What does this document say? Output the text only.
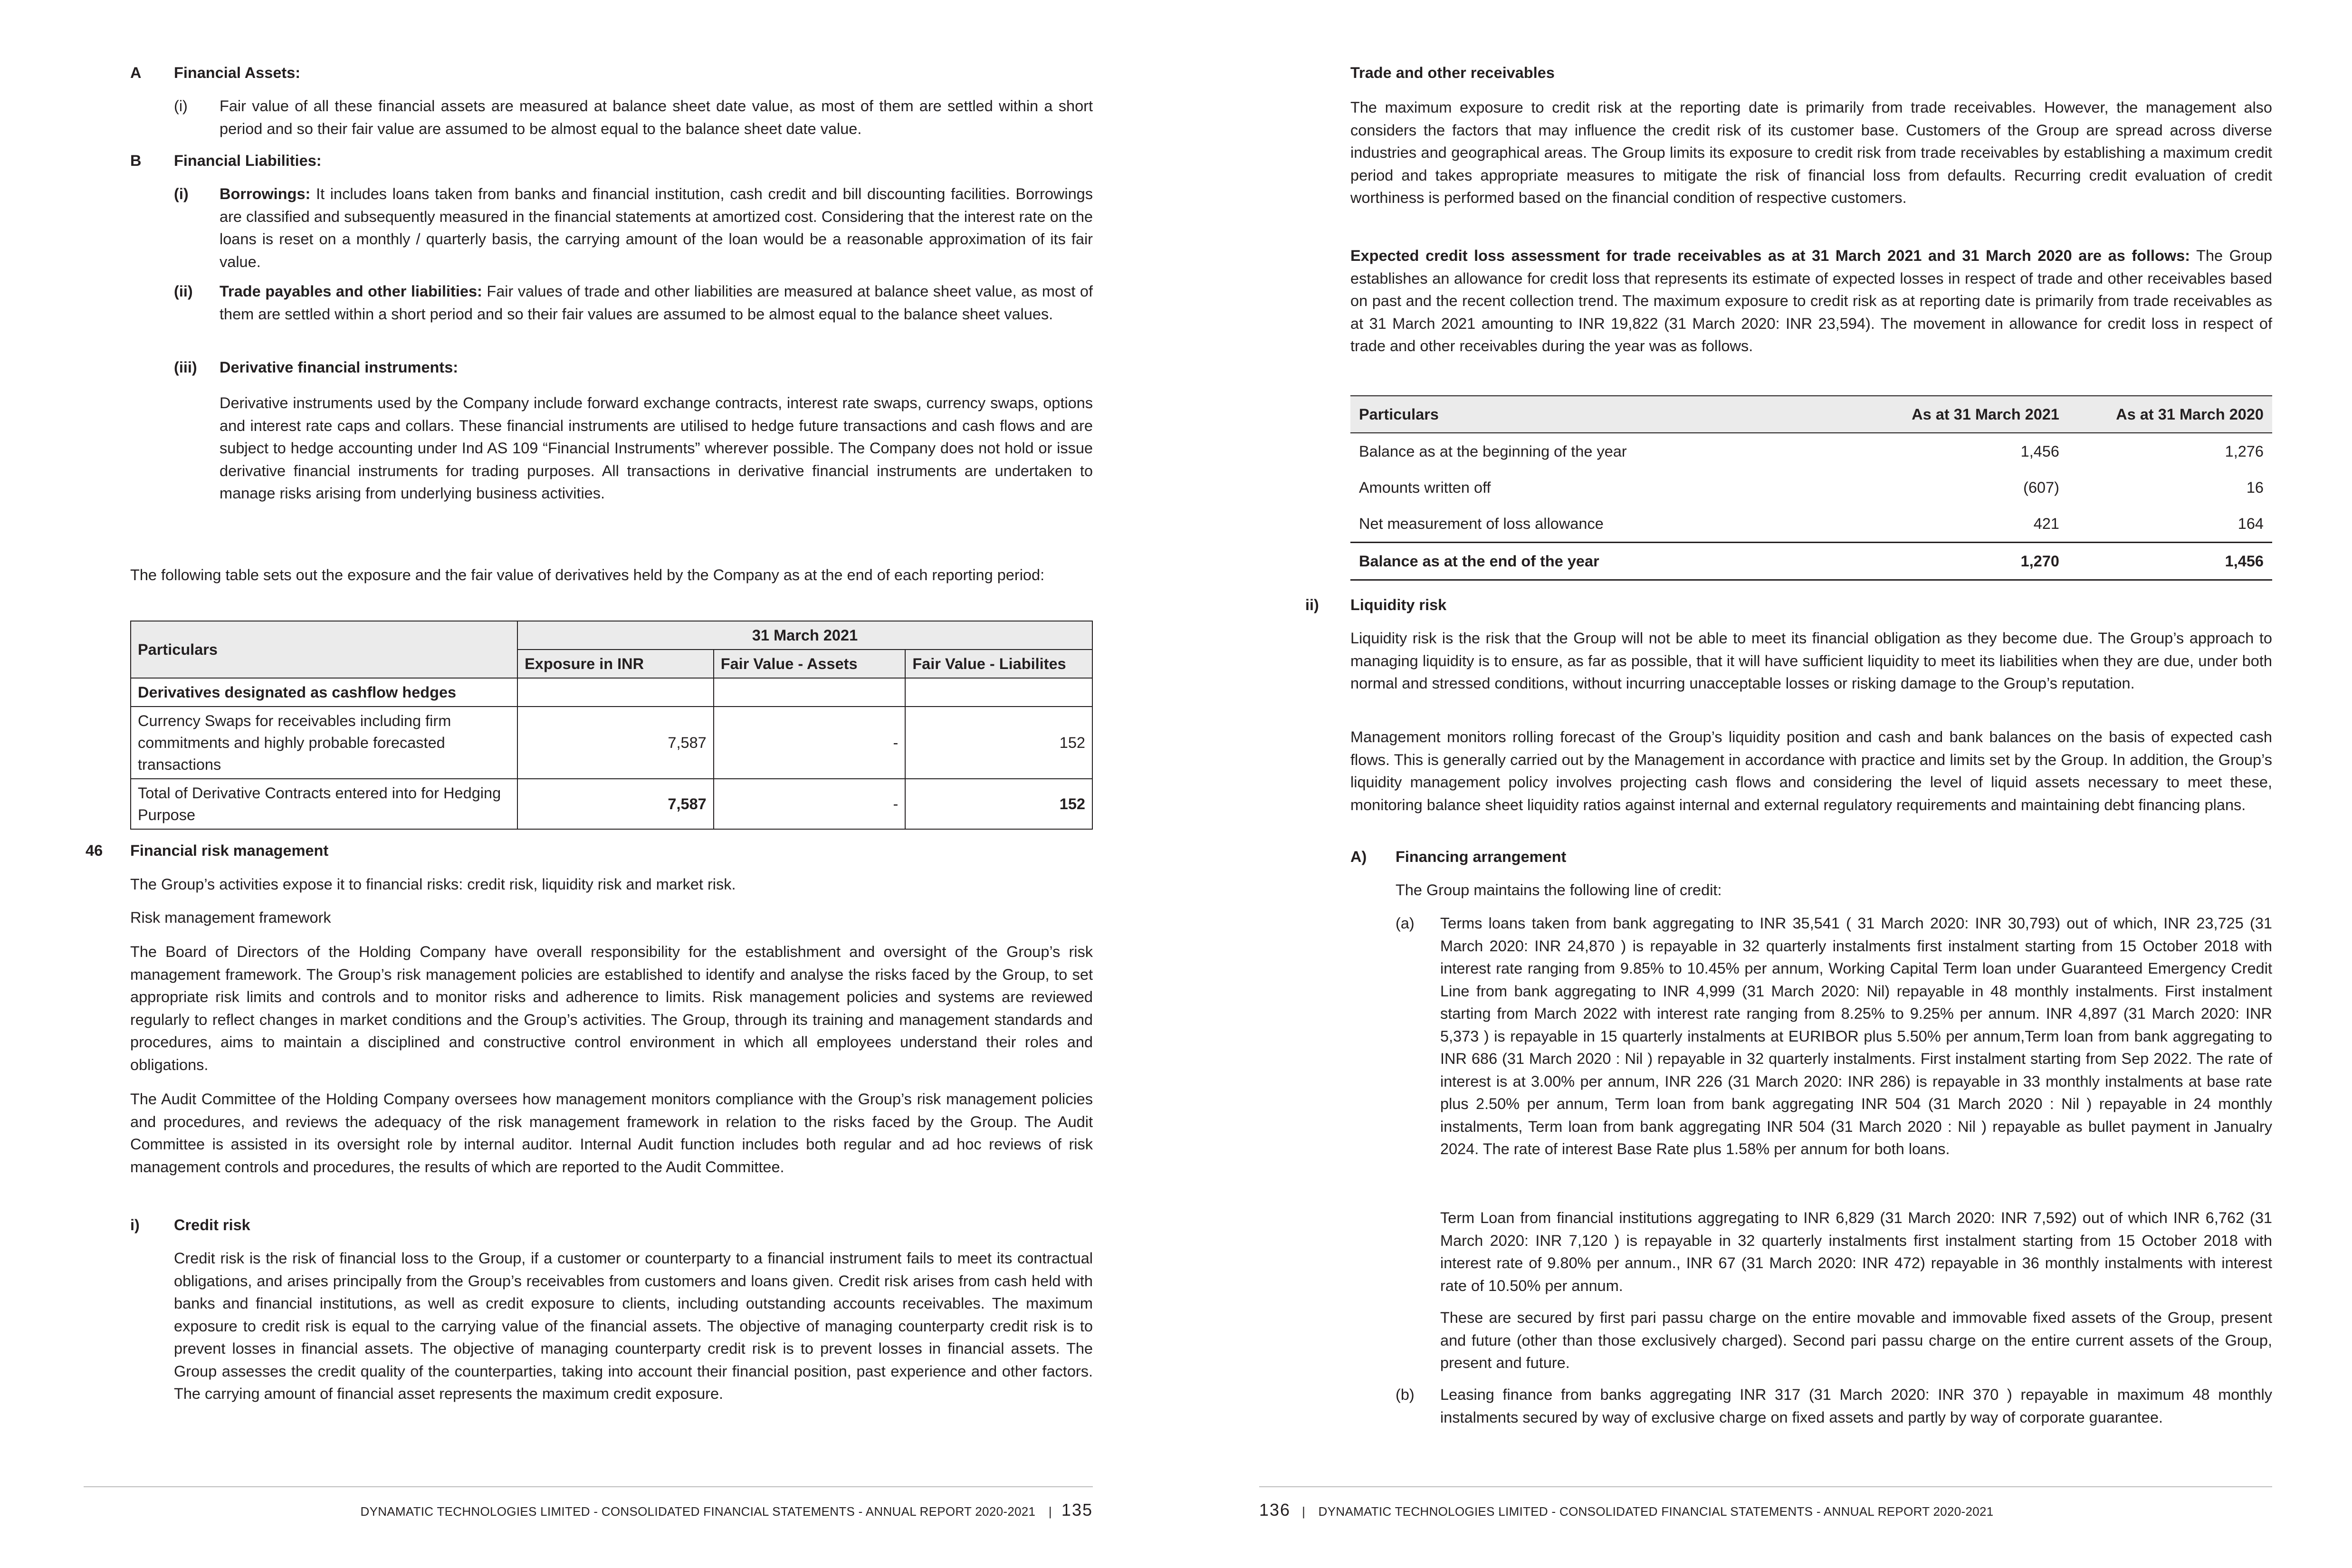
A Financial Assets:
(i) Fair value of all these financial assets are measured at balance sheet date value, as most of them are settled within a short period and so their fair value are assumed to be almost equal to the balance sheet date value.

B Financial Liabilities:
(i) Borrowings: It includes loans taken from banks and financial institution, cash credit and bill discounting facilities. Borrowings are classified and subsequently measured in the financial statements at amortized cost. Considering that the interest rate on the loans is reset on a monthly / quarterly basis, the carrying amount of the loan would be a reasonable approximation of its fair value.

(ii) Trade payables and other liabilities: Fair values of trade and other liabilities are measured at balance sheet value, as most of them are settled within a short period and so their fair values are assumed to be almost equal to the balance sheet values.

(iii) Derivative financial instruments:

Derivative instruments used by the Company include forward exchange contracts, interest rate swaps, currency swaps, options and interest rate caps and collars. These financial instruments are utilised to hedge future transactions and cash flows and are subject to hedge accounting under Ind AS 109 “Financial Instruments” wherever possible. The Company does not hold or issue derivative financial instruments for trading purposes. All transactions in derivative financial instruments are undertaken to manage risks arising from underlying business activities.

The following table sets out the exposure and the fair value of derivatives held by the Company as at the end of each reporting period:

Particulars	31 March 2021		
	Exposure in INR	Fair Value - Assets	Fair Value - Liabilites
Derivatives designated as cashflow hedges			
Currency Swaps for receivables including firm commitments and highly probable forecasted transactions	7,587	-	152
Total of Derivative Contracts entered into for Hedging Purpose	7,587	-	152
46 Financial risk management

The Group’s activities expose it to financial risks: credit risk, liquidity risk and market risk.

Risk management framework

The Board of Directors of the Holding Company have overall responsibility for the establishment and oversight of the Group’s risk management framework. The Group’s risk management policies are established to identify and analyse the risks faced by the Group, to set appropriate risk limits and controls and to monitor risks and adherence to limits. Risk management policies and systems are reviewed regularly to reflect changes in market conditions and the Group’s activities. The Group, through its training and management standards and procedures, aims to maintain a disciplined and constructive control environment in which all employees understand their roles and obligations.

The Audit Committee of the Holding Company oversees how management monitors compliance with the Group’s risk management policies and procedures, and reviews the adequacy of the risk management framework in relation to the risks faced by the Group. The Audit Committee is assisted in its oversight role by internal auditor. Internal Audit function includes both regular and ad hoc reviews of risk management controls and procedures, the results of which are reported to the Audit Committee.

i) Credit risk

Credit risk is the risk of financial loss to the Group, if a customer or counterparty to a financial instrument fails to meet its contractual obligations, and arises principally from the Group’s receivables from customers and loans given. Credit risk arises from cash held with banks and financial institutions, as well as credit exposure to clients, including outstanding accounts receivables. The maximum exposure to credit risk is equal to the carrying value of the financial assets. The objective of managing counterparty credit risk is to prevent losses in financial assets. The objective of managing counterparty credit risk is to prevent losses in financial assets. The Group assesses the credit quality of the counterparties, taking into account their financial position, past experience and other factors. The carrying amount of financial asset represents the maximum credit exposure.

DYNAMATIC TECHNOLOGIES LIMITED - CONSOLIDATED FINANCIAL STATEMENTS - ANNUAL REPORT 2020-2021 | 135
Trade and other receivables

The maximum exposure to credit risk at the reporting date is primarily from trade receivables. However, the management also considers the factors that may influence the credit risk of its customer base. Customers of the Group are spread across diverse industries and geographical areas. The Group limits its exposure to credit risk from trade receivables by establishing a maximum credit period and takes appropriate measures to mitigate the risk of financial loss from defaults. Recurring credit evaluation of credit worthiness is performed based on the financial condition of respective customers.

Expected credit loss assessment for trade receivables as at 31 March 2021 and 31 March 2020 are as follows: The Group establishes an allowance for credit loss that represents its estimate of expected losses in respect of trade and other receivables based on past and the recent collection trend. The maximum exposure to credit risk as at reporting date is primarily from trade receivables as at 31 March 2021 amounting to INR 19,822 (31 March 2020: INR 23,594). The movement in allowance for credit loss in respect of trade and other receivables during the year was as follows.

Particulars	As at 31 March 2021	As at 31 March 2020
Balance as at the beginning of the year	1,456	1,276
Amounts written off	(607)	16
Net measurement of loss allowance	421	164
Balance as at the end of the year	1,270	1,456
ii) Liquidity risk

Liquidity risk is the risk that the Group will not be able to meet its financial obligation as they become due. The Group’s approach to managing liquidity is to ensure, as far as possible, that it will have sufficient liquidity to meet its liabilities when they are due, under both normal and stressed conditions, without incurring unacceptable losses or risking damage to the Group’s reputation.

Management monitors rolling forecast of the Group’s liquidity position and cash and bank balances on the basis of expected cash flows. This is generally carried out by the Management in accordance with practice and limits set by the Group. In addition, the Group’s liquidity management policy involves projecting cash flows and considering the level of liquid assets necessary to meet these, monitoring balance sheet liquidity ratios against internal and external regulatory requirements and maintaining debt financing plans.

A) Financing arrangement

The Group maintains the following line of credit:

(a) Terms loans taken from bank aggregating to INR 35,541 ( 31 March 2020: INR 30,793) out of which, INR 23,725 (31 March 2020: INR 24,870 ) is repayable in 32 quarterly instalments first instalment starting from 15 October 2018 with interest rate ranging from 9.85% to 10.45% per annum, Working Capital Term loan under Guaranteed Emergency Credit Line from bank aggregating to INR 4,999 (31 March 2020: Nil) repayable in 48 monthly instalments. First instalment starting from March 2022 with interest rate ranging from 8.25% to 9.25% per annum. INR 4,897 (31 March 2020: INR 5,373 ) is repayable in 15 quarterly instalments at EURIBOR plus 5.50% per annum,Term loan from bank aggregating to INR 686 (31 March 2020 : Nil ) repayable in 32 quarterly instalments. First instalment starting from Sep 2022. The rate of interest is at 3.00% per annum, INR 226 (31 March 2020: INR 286) is repayable in 33 monthly instalments at base rate plus 2.50% per annum, Term loan from bank aggregating INR 504 (31 March 2020 : Nil ) repayable in 24 monthly instalments, Term loan from bank aggregating INR 504 (31 March 2020 : Nil ) repayable as bullet payment in Janualry 2024. The rate of interest Base Rate plus 1.58% per annum for both loans.

Term Loan from financial institutions aggregating to INR 6,829 (31 March 2020: INR 7,592) out of which INR 6,762 (31 March 2020: INR 7,120 ) is repayable in 32 quarterly instalments first instalment starting from 15 October 2018 with interest rate of 9.80% per annum., INR 67 (31 March 2020: INR 472) repayable in 36 monthly instalments with interest rate of 10.50% per annum.

These are secured by first pari passu charge on the entire movable and immovable fixed assets of the Group, present and future (other than those exclusively charged). Second pari passu charge on the entire current assets of the Group, present and future.

(b) Leasing finance from banks aggregating INR 317 (31 March 2020: INR 370 ) repayable in maximum 48 monthly instalments secured by way of exclusive charge on fixed assets and partly by way of corporate guarantee.

136 | DYNAMATIC TECHNOLOGIES LIMITED - CONSOLIDATED FINANCIAL STATEMENTS - ANNUAL REPORT 2020-2021
